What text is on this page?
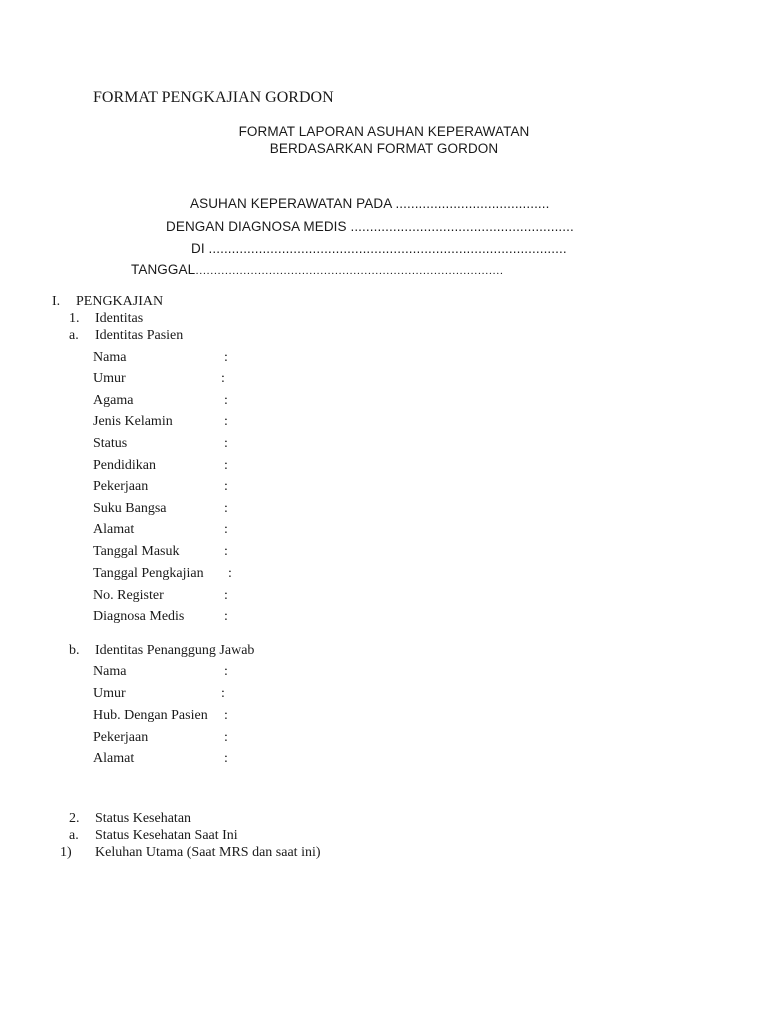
FORMAT PENGKAJIAN GORDON
FORMAT LAPORAN ASUHAN KEPERAWATAN
BERDASARKAN FORMAT GORDON
ASUHAN KEPERAWATAN PADA ........................................
DENGAN DIAGNOSA MEDIS ..........................................................
DI .............................................................................................
TANGGAL…………………………………………………………………………
I. PENGKAJIAN
1. Identitas
a. Identitas Pasien
Nama	:
Umur	:
Agama	:
Jenis Kelamin	:
Status	:
Pendidikan	:
Pekerjaan	:
Suku Bangsa	:
Alamat	:
Tanggal Masuk	:
Tanggal Pengkajian :
No. Register	:
Diagnosa Medis	:
b. Identitas Penanggung Jawab
Nama	:
Umur	:
Hub. Dengan Pasien :
Pekerjaan	:
Alamat	:
2. Status Kesehatan
a. Status Kesehatan Saat Ini
1) Keluhan Utama (Saat MRS dan saat ini)
